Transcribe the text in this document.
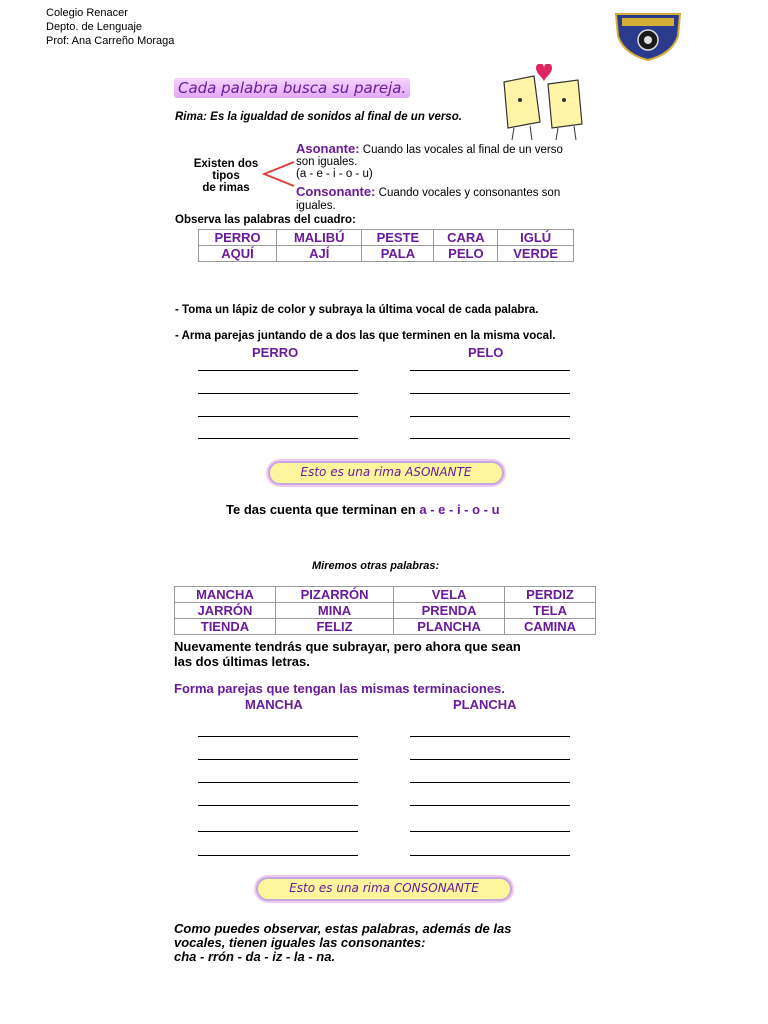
Colegio Renacer
Depto. de Lenguaje
Prof: Ana Carreño Moraga
Cada palabra busca su pareja.
Rima: Es la igualdad de sonidos al final de un verso.
Existen dos
tipos
de rimas
Asonante: Cuando las vocales al final de un verso
son iguales.
(a - e - i - o - u)
Consonante: Cuando vocales y consonantes son
iguales.
Observa las palabras del cuadro:
PERRO	MALIBÚ	PESTE	CARA	IGLÚ
AQUÍ	AJÍ	PALA	PELO	VERDE
- Toma un lápiz de color y subraya la última vocal de cada palabra.
- Arma parejas juntando de a dos las que terminen en la misma vocal.
PERRO	PELO
Esto es una rima ASONANTE
Te das cuenta que terminan en a - e - i - o - u
Miremos otras palabras:
MANCHA	PIZARRÓN	VELA	PERDIZ
JARRÓN	MINA	PRENDA	TELA
TIENDA	FELIZ	PLANCHA	CAMINA
Nuevamente tendrás que subrayar, pero ahora que sean
las dos últimas letras.
Forma parejas que tengan las mismas terminaciones.
MANCHA	PLANCHA
Esto es una rima CONSONANTE
Como puedes observar, estas palabras, además de las
vocales, tienen iguales las consonantes:
cha - rrón - da - iz - la - na.
